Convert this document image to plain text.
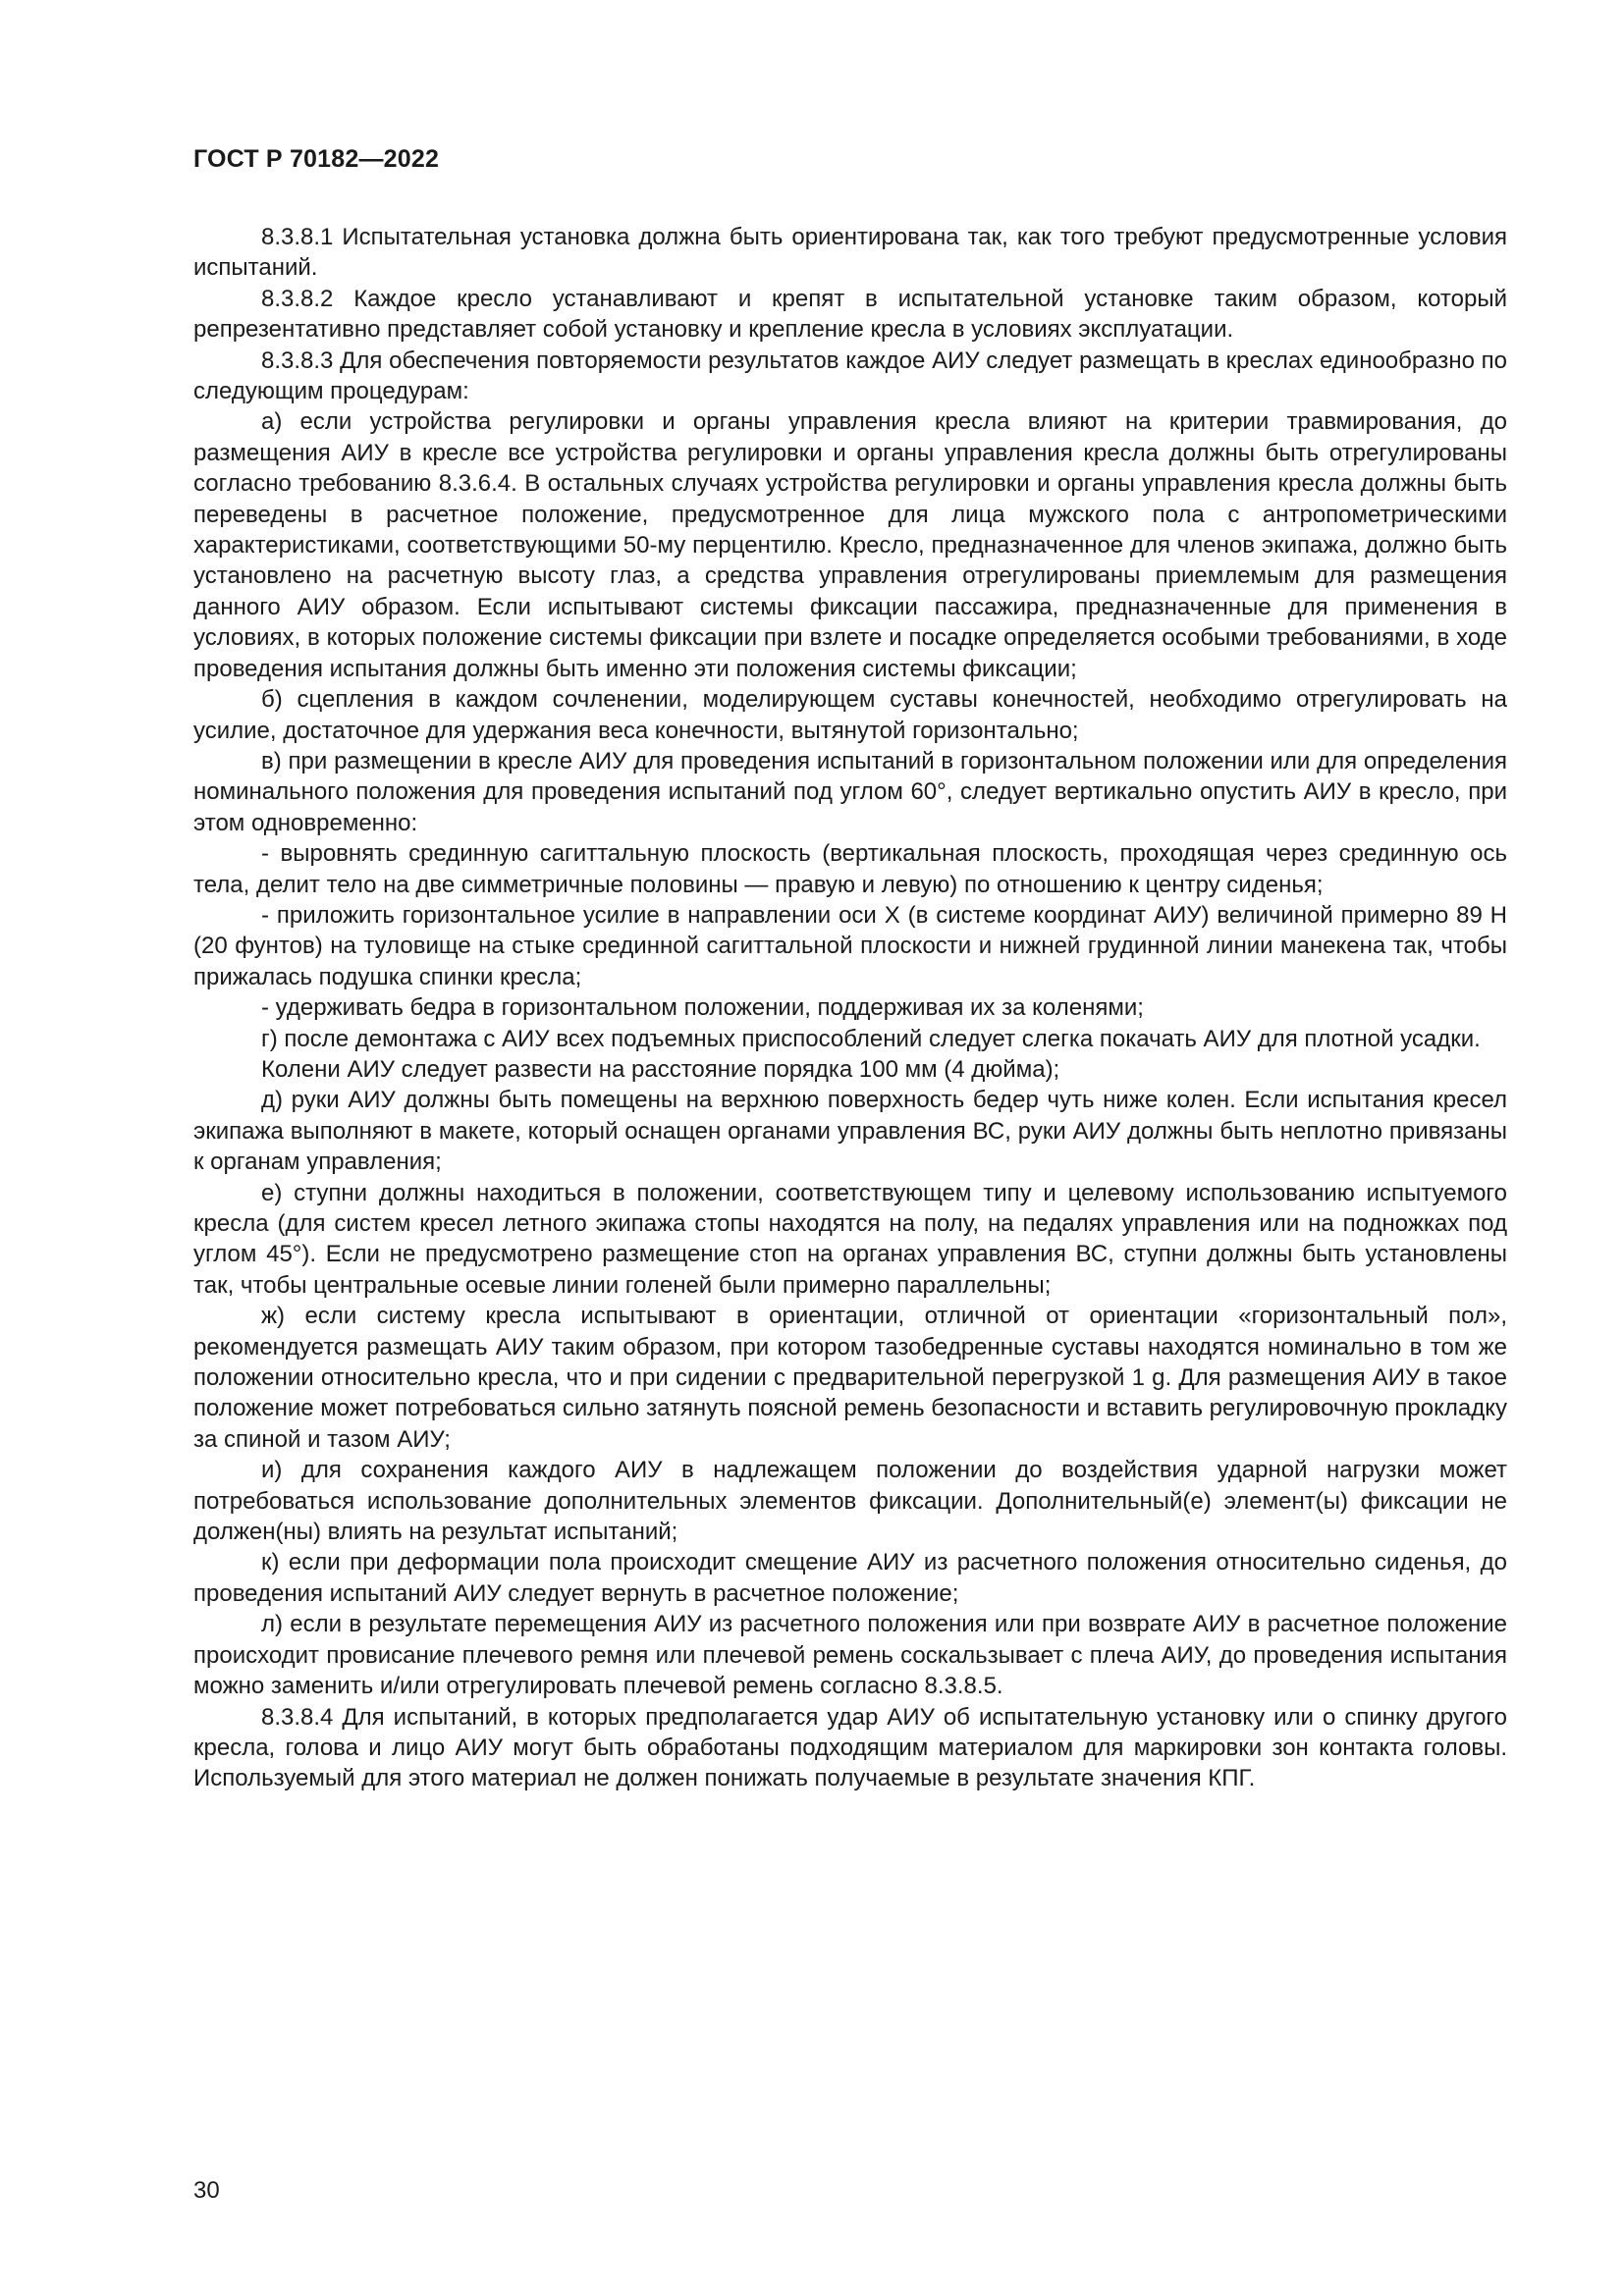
ГОСТ Р 70182—2022

8.3.8.1 Испытательная установка должна быть ориентирована так, как того требуют предусмотренные условия испытаний.

8.3.8.2 Каждое кресло устанавливают и крепят в испытательной установке таким образом, который репрезентативно представляет собой установку и крепление кресла в условиях эксплуатации.

8.3.8.3 Для обеспечения повторяемости результатов каждое АИУ следует размещать в креслах единообразно по следующим процедурам:

а) если устройства регулировки и органы управления кресла влияют на критерии травмирования, до размещения АИУ в кресле все устройства регулировки и органы управления кресла должны быть отрегулированы согласно требованию 8.3.6.4. В остальных случаях устройства регулировки и органы управления кресла должны быть переведены в расчетное положение, предусмотренное для лица мужского пола с антропометрическими характеристиками, соответствующими 50-му перцентилю. Кресло, предназначенное для членов экипажа, должно быть установлено на расчетную высоту глаз, а средства управления отрегулированы приемлемым для размещения данного АИУ образом. Если испытывают системы фиксации пассажира, предназначенные для применения в условиях, в которых положение системы фиксации при взлете и посадке определяется особыми требованиями, в ходе проведения испытания должны быть именно эти положения системы фиксации;

б) сцепления в каждом сочленении, моделирующем суставы конечностей, необходимо отрегулировать на усилие, достаточное для удержания веса конечности, вытянутой горизонтально;

в) при размещении в кресле АИУ для проведения испытаний в горизонтальном положении или для определения номинального положения для проведения испытаний под углом 60°, следует вертикально опустить АИУ в кресло, при этом одновременно:

- выровнять срединную сагиттальную плоскость (вертикальная плоскость, проходящая через срединную ось тела, делит тело на две симметричные половины — правую и левую) по отношению к центру сиденья;

- приложить горизонтальное усилие в направлении оси X (в системе координат АИУ) величиной примерно 89 Н (20 фунтов) на туловище на стыке срединной сагиттальной плоскости и нижней грудинной линии манекена так, чтобы прижалась подушка спинки кресла;

- удерживать бедра в горизонтальном положении, поддерживая их за коленями;

г) после демонтажа с АИУ всех подъемных приспособлений следует слегка покачать АИУ для плотной усадки.

Колени АИУ следует развести на расстояние порядка 100 мм (4 дюйма);

д) руки АИУ должны быть помещены на верхнюю поверхность бедер чуть ниже колен. Если испытания кресел экипажа выполняют в макете, который оснащен органами управления ВС, руки АИУ должны быть неплотно привязаны к органам управления;

е) ступни должны находиться в положении, соответствующем типу и целевому использованию испытуемого кресла (для систем кресел летного экипажа стопы находятся на полу, на педалях управления или на подножках под углом 45°). Если не предусмотрено размещение стоп на органах управления ВС, ступни должны быть установлены так, чтобы центральные осевые линии голеней были примерно параллельны;

ж) если систему кресла испытывают в ориентации, отличной от ориентации «горизонтальный пол», рекомендуется размещать АИУ таким образом, при котором тазобедренные суставы находятся номинально в том же положении относительно кресла, что и при сидении с предварительной перегрузкой 1 g. Для размещения АИУ в такое положение может потребоваться сильно затянуть поясной ремень безопасности и вставить регулировочную прокладку за спиной и тазом АИУ;

и) для сохранения каждого АИУ в надлежащем положении до воздействия ударной нагрузки может потребоваться использование дополнительных элементов фиксации. Дополнительный(е) элемент(ы) фиксации не должен(ны) влиять на результат испытаний;

к) если при деформации пола происходит смещение АИУ из расчетного положения относительно сиденья, до проведения испытаний АИУ следует вернуть в расчетное положение;

л) если в результате перемещения АИУ из расчетного положения или при возврате АИУ в расчетное положение происходит провисание плечевого ремня или плечевой ремень соскальзывает с плеча АИУ, до проведения испытания можно заменить и/или отрегулировать плечевой ремень согласно 8.3.8.5.

8.3.8.4 Для испытаний, в которых предполагается удар АИУ об испытательную установку или о спинку другого кресла, голова и лицо АИУ могут быть обработаны подходящим материалом для маркировки зон контакта головы. Используемый для этого материал не должен понижать получаемые в результате значения КПГ.

30
